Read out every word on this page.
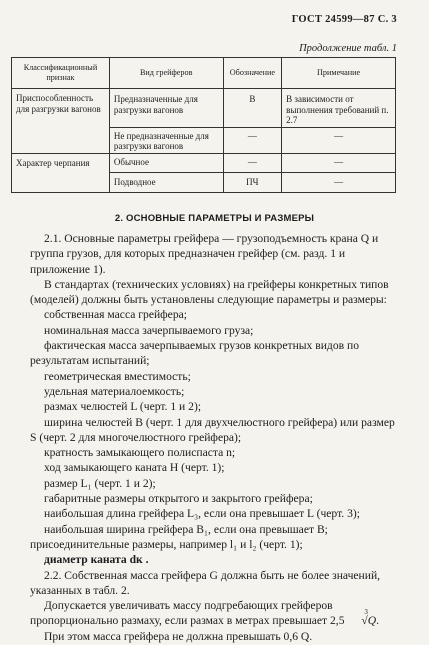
ГОСТ 24599—87 С. 3
Продолжение табл. 1
Классификационный признак	Вид грейферов	Обозначение	Примечание
Приспособленность для разгрузки вагонов	Предназначенные для разгрузки вагонов	В	В зависимости от выполнения требований п. 2.7
	Не предназначенные для разгрузки вагонов	—	—
Характер черпания	Обычное	—	—
	Подводное	ПЧ	—
2. ОСНОВНЫЕ ПАРАМЕТРЫ И РАЗМЕРЫ

2.1. Основные параметры грейфера — грузоподъемность крана Q и группа грузов, для которых предназначен грейфер (см. разд. 1 и приложение 1).

В стандартах (технических условиях) на грейферы конкретных типов (моделей) должны быть установлены следующие параметры и размеры:

собственная масса грейфера;

номинальная масса зачерпываемого груза;

фактическая масса зачерпываемых грузов конкретных видов по результатам испытаний;

геометрическая вместимость;

удельная материалоемкость;

размах челюстей L (черт. 1 и 2);

ширина челюстей B (черт. 1 для двухчелюстного грейфера) или размер S (черт. 2 для многочелюстного грейфера);

кратность замыкающего полиспаста n;

ход замыкающего каната H (черт. 1);

размер L₁ (черт. 1 и 2);

габаритные размеры открытого и закрытого грейфера;

наибольшая длина грейфера L₃, если она превышает L (черт. 3);

наибольшая ширина грейфера B₁, если она превышает B; присоединительные размеры, например l₁ и l₂ (черт. 1);

диаметр каната dк .

2.2. Собственная масса грейфера G должна быть не более значений, указанных в табл. 2.

Допускается увеличивать массу подгребающих грейферов пропорционально размаху, если размах в метрах превышает 2,5
3
√Q.

При этом масса грейфера не должна превышать 0,6 Q.
